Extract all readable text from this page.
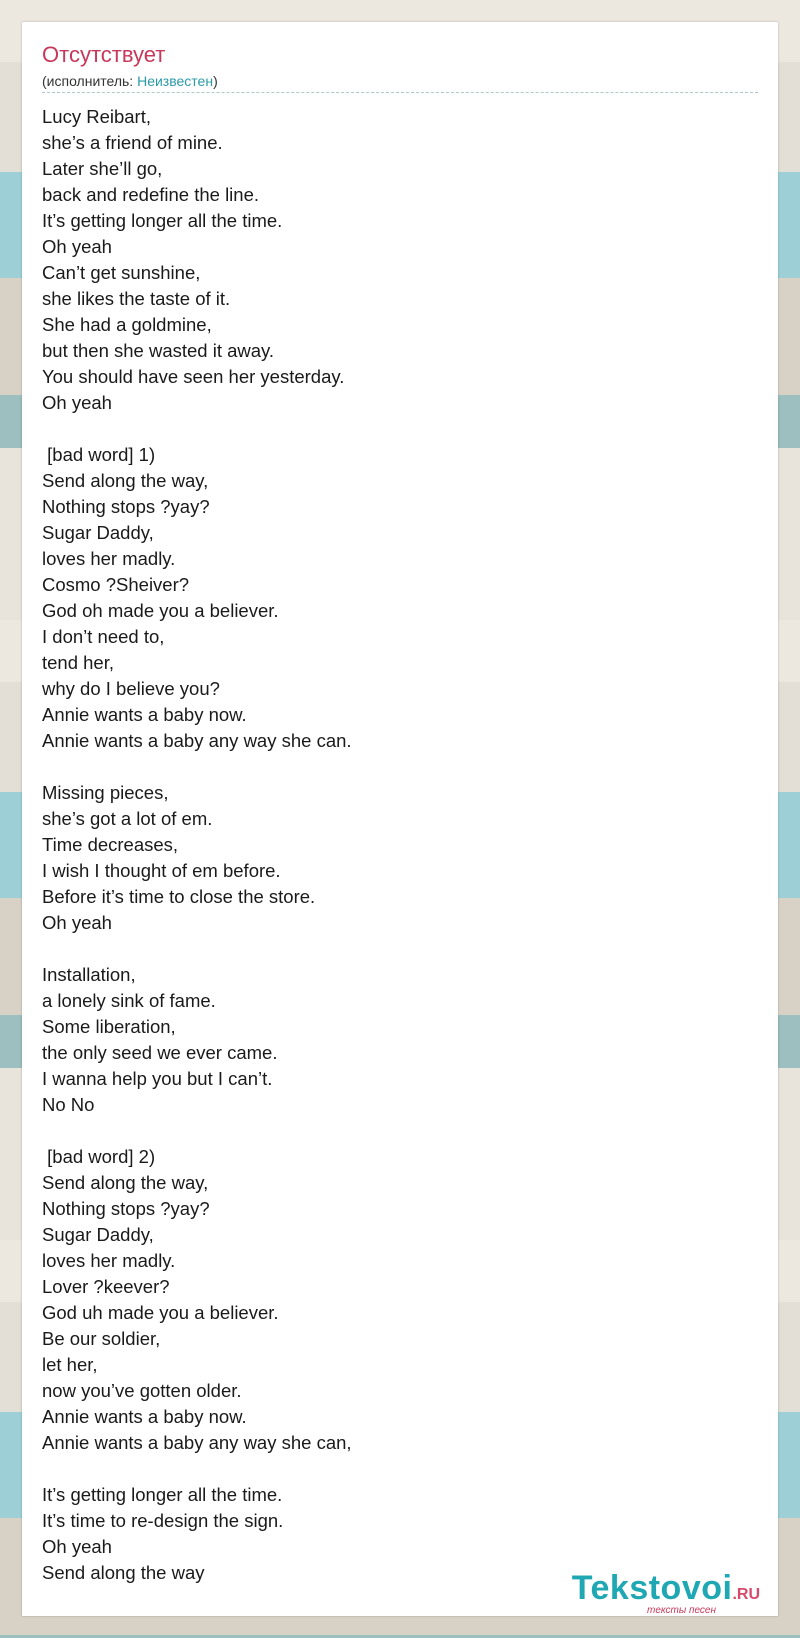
Отсутствует
(исполнитель: Неизвестен)
Lucy Reibart,
she’s a friend of mine.
Later she’ll go,
back and redefine the line.
It’s getting longer all the time.
Oh yeah
Can’t get sunshine,
she likes the taste of it.
She had a goldmine,
but then she wasted it away.
You should have seen her yesterday.
Oh yeah

[bad word] 1)
Send along the way,
Nothing stops ?yay?
Sugar Daddy,
loves her madly.
Cosmo ?Sheiver?
God oh made you a believer.
I don’t need to,
tend her,
why do I believe you?
Annie wants a baby now.
Annie wants a baby any way she can.

Missing pieces,
she’s got a lot of em.
Time decreases,
I wish I thought of em before.
Before it’s time to close the store.
Oh yeah

Installation,
a lonely sink of fame.
Some liberation,
the only seed we ever came.
I wanna help you but I can’t.
No No

[bad word] 2)
Send along the way,
Nothing stops ?yay?
Sugar Daddy,
loves her madly.
Lover ?keever?
God uh made you a believer.
Be our soldier,
let her,
now you’ve gotten older.
Annie wants a baby now.
Annie wants a baby any way she can,

It’s getting longer all the time.
It’s time to re-design the sign.
Oh yeah
Send along the way	Tekstovoi.RU
тексты песен
